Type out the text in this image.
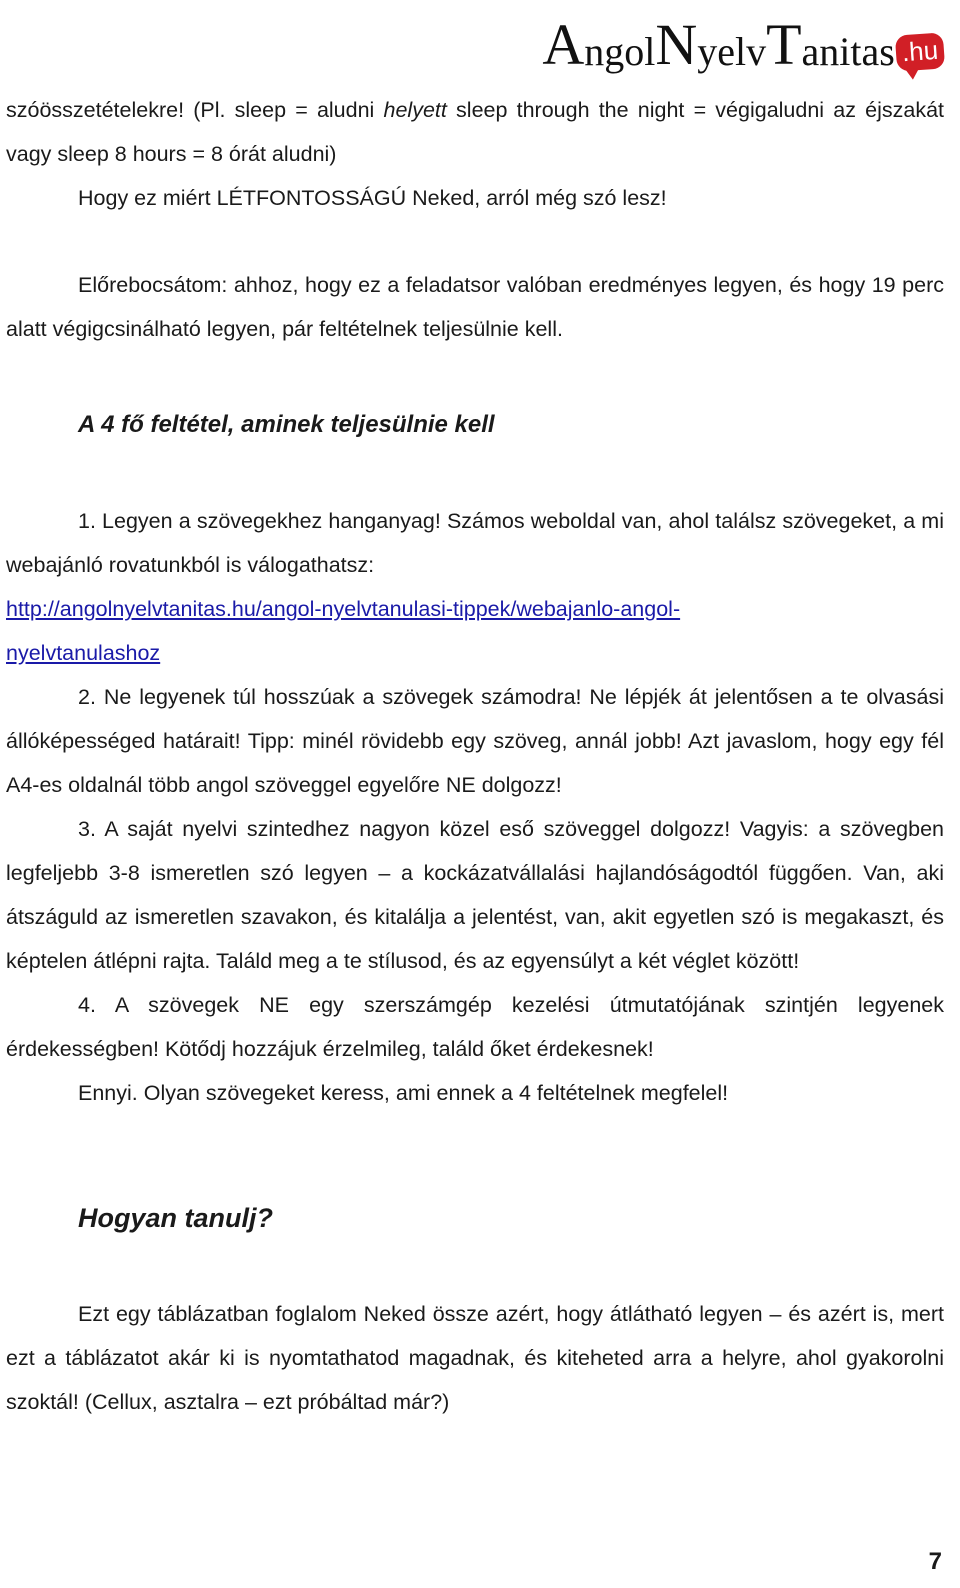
A ngol N yelv T anitas .hu

szóösszetételekre! (Pl. sleep = aludni helyett sleep through the night = végigaludni az éjszakát vagy sleep 8 hours = 8 órát aludni)

Hogy ez miért LÉTFONTOSSÁGÚ Neked, arról még szó lesz!

Előrebocsátom: ahhoz, hogy ez a feladatsor valóban eredményes legyen, és hogy 19 perc alatt végigcsinálható legyen, pár feltételnek teljesülnie kell.

A 4 fő feltétel, aminek teljesülnie kell

1. Legyen a szövegekhez hanganyag! Számos weboldal van, ahol találsz szövegeket, a mi webajánló rovatunkból is válogathatsz:
http://angolnyelvtanitas.hu/angol-nyelvtanulasi-tippek/webajanlo-angol-
nyelvtanulashoz

2. Ne legyenek túl hosszúak a szövegek számodra! Ne lépjék át jelentősen a te olvasási állóképességed határait! Tipp: minél rövidebb egy szöveg, annál jobb! Azt javaslom, hogy egy fél A4-es oldalnál több angol szöveggel egyelőre NE dolgozz!

3. A saját nyelvi szintedhez nagyon közel eső szöveggel dolgozz! Vagyis: a szövegben legfeljebb 3-8 ismeretlen szó legyen – a kockázatvállalási hajlandóságodtól függően. Van, aki átszáguld az ismeretlen szavakon, és kitalálja a jelentést, van, akit egyetlen szó is megakaszt, és képtelen átlépni rajta. Találd meg a te stílusod, és az egyensúlyt a két véglet között!

4. A szövegek NE egy szerszámgép kezelési útmutatójának szintjén legyenek érdekességben! Kötődj hozzájuk érzelmileg, találd őket érdekesnek!

Ennyi. Olyan szövegeket keress, ami ennek a 4 feltételnek megfelel!

Hogyan tanulj?

Ezt egy táblázatban foglalom Neked össze azért, hogy átlátható legyen – és azért is, mert ezt a táblázatot akár ki is nyomtathatod magadnak, és kiteheted arra a helyre, ahol gyakorolni szoktál! (Cellux, asztalra – ezt próbáltad már?)

7
